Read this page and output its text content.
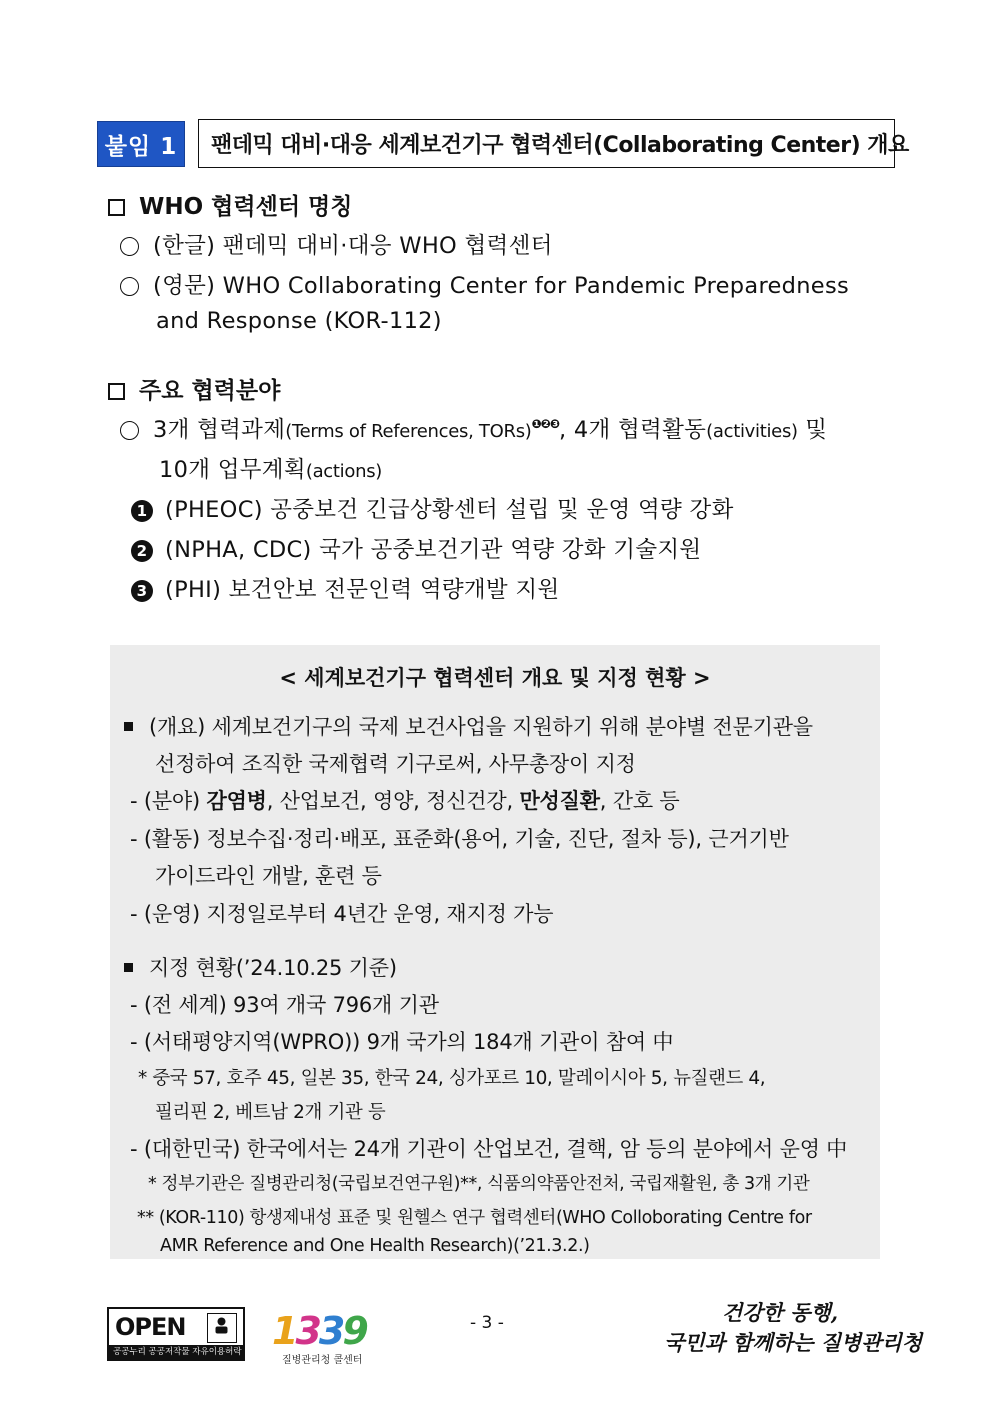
붙임 1	팬데믹 대비·대응 세계보건기구 협력센터(Collaborating Center) 개요
WHO 협력센터 명칭
(한글) 팬데믹 대비·대응 WHO 협력센터
(영문) WHO Collaborating Center for Pandemic Preparedness
and Response (KOR-112)
주요 협력분야
3개 협력과제(Terms of References, TORs)$^{❶❷❸}$, 4개 협력활동(activities) 및
10개 업무계획(actions)
1 (PHEOC) 공중보건 긴급상황센터 설립 및 운영 역량 강화
2 (NPHA, CDC) 국가 공중보건기관 역량 강화 기술지원
3 (PHI) 보건안보 전문인력 역량개발 지원
< 세계보건기구 협력센터 개요 및 지정 현황 >
(개요) 세계보건기구의 국제 보건사업을 지원하기 위해 분야별 전문기관을
선정하여 조직한 국제협력 기구로써, 사무총장이 지정
- (분야) 감염병, 산업보건, 영양, 정신건강, 만성질환, 간호 등
- (활동) 정보수집·정리·배포, 표준화(용어, 기술, 진단, 절차 등), 근거기반
가이드라인 개발, 훈련 등
- (운영) 지정일로부터 4년간 운영, 재지정 가능
지정 현황(’24.10.25 기준)
- (전 세계) 93여 개국 796개 기관
- (서태평양지역(WPRO)) 9개 국가의 184개 기관이 참여 中
* 중국 57, 호주 45, 일본 35, 한국 24, 싱가포르 10, 말레이시아 5, 뉴질랜드 4,
필리핀 2, 베트남 2개 기관 등
- (대한민국) 한국에서는 24개 기관이 산업보건, 결핵, 암 등의 분야에서 운영 中
* 정부기관은 질병관리청(국립보건연구원)**, 식품의약품안전처, 국립재활원, 총 3개 기관
** (KOR-110) 항생제내성 표준 및 원헬스 연구 협력센터(WHO Colloborating Centre for
AMR Reference and One Health Research)(’21.3.2.)
OPEN
공공누리 공공저작물 자유이용허락 1339
질병관리청 콜센터
- 3 -	건강한 동행,
국민과 함께하는 질병관리청
